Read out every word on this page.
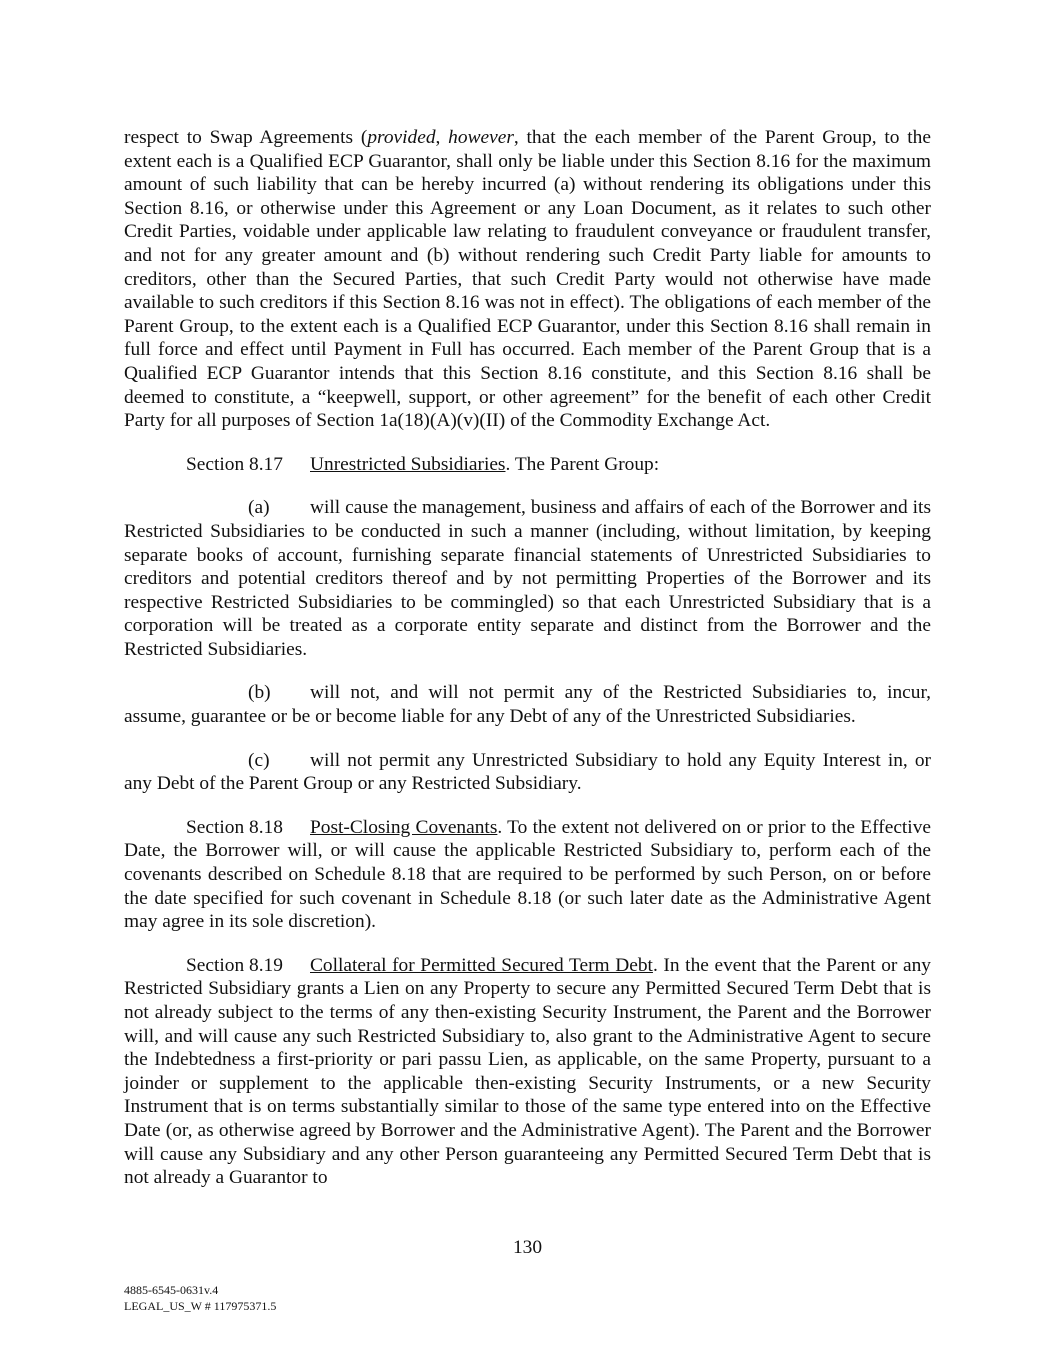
respect to Swap Agreements (provided, however, that the each member of the Parent Group, to the extent each is a Qualified ECP Guarantor, shall only be liable under this Section 8.16 for the maximum amount of such liability that can be hereby incurred (a) without rendering its obligations under this Section 8.16, or otherwise under this Agreement or any Loan Document, as it relates to such other Credit Parties, voidable under applicable law relating to fraudulent conveyance or fraudulent transfer, and not for any greater amount and (b) without rendering such Credit Party liable for amounts to creditors, other than the Secured Parties, that such Credit Party would not otherwise have made available to such creditors if this Section 8.16 was not in effect). The obligations of each member of the Parent Group, to the extent each is a Qualified ECP Guarantor, under this Section 8.16 shall remain in full force and effect until Payment in Full has occurred. Each member of the Parent Group that is a Qualified ECP Guarantor intends that this Section 8.16 constitute, and this Section 8.16 shall be deemed to constitute, a “keepwell, support, or other agreement” for the benefit of each other Credit Party for all purposes of Section 1a(18)(A)(v)(II) of the Commodity Exchange Act.

Section 8.17 Unrestricted Subsidiaries. The Parent Group:

(a) will cause the management, business and affairs of each of the Borrower and its Restricted Subsidiaries to be conducted in such a manner (including, without limitation, by keeping separate books of account, furnishing separate financial statements of Unrestricted Subsidiaries to creditors and potential creditors thereof and by not permitting Properties of the Borrower and its respective Restricted Subsidiaries to be commingled) so that each Unrestricted Subsidiary that is a corporation will be treated as a corporate entity separate and distinct from the Borrower and the Restricted Subsidiaries.

(b) will not, and will not permit any of the Restricted Subsidiaries to, incur, assume, guarantee or be or become liable for any Debt of any of the Unrestricted Subsidiaries.

(c) will not permit any Unrestricted Subsidiary to hold any Equity Interest in, or any Debt of the Parent Group or any Restricted Subsidiary.

Section 8.18 Post-Closing Covenants. To the extent not delivered on or prior to the Effective Date, the Borrower will, or will cause the applicable Restricted Subsidiary to, perform each of the covenants described on Schedule 8.18 that are required to be performed by such Person, on or before the date specified for such covenant in Schedule 8.18 (or such later date as the Administrative Agent may agree in its sole discretion).

Section 8.19 Collateral for Permitted Secured Term Debt. In the event that the Parent or any Restricted Subsidiary grants a Lien on any Property to secure any Permitted Secured Term Debt that is not already subject to the terms of any then-existing Security Instrument, the Parent and the Borrower will, and will cause any such Restricted Subsidiary to, also grant to the Administrative Agent to secure the Indebtedness a first-priority or pari passu Lien, as applicable, on the same Property, pursuant to a joinder or supplement to the applicable then-existing Security Instruments, or a new Security Instrument that is on terms substantially similar to those of the same type entered into on the Effective Date (or, as otherwise agreed by Borrower and the Administrative Agent). The Parent and the Borrower will cause any Subsidiary and any other Person guaranteeing any Permitted Secured Term Debt that is not already a Guarantor to

130
4885-6545-0631v.4
LEGAL_US_W # 117975371.5
